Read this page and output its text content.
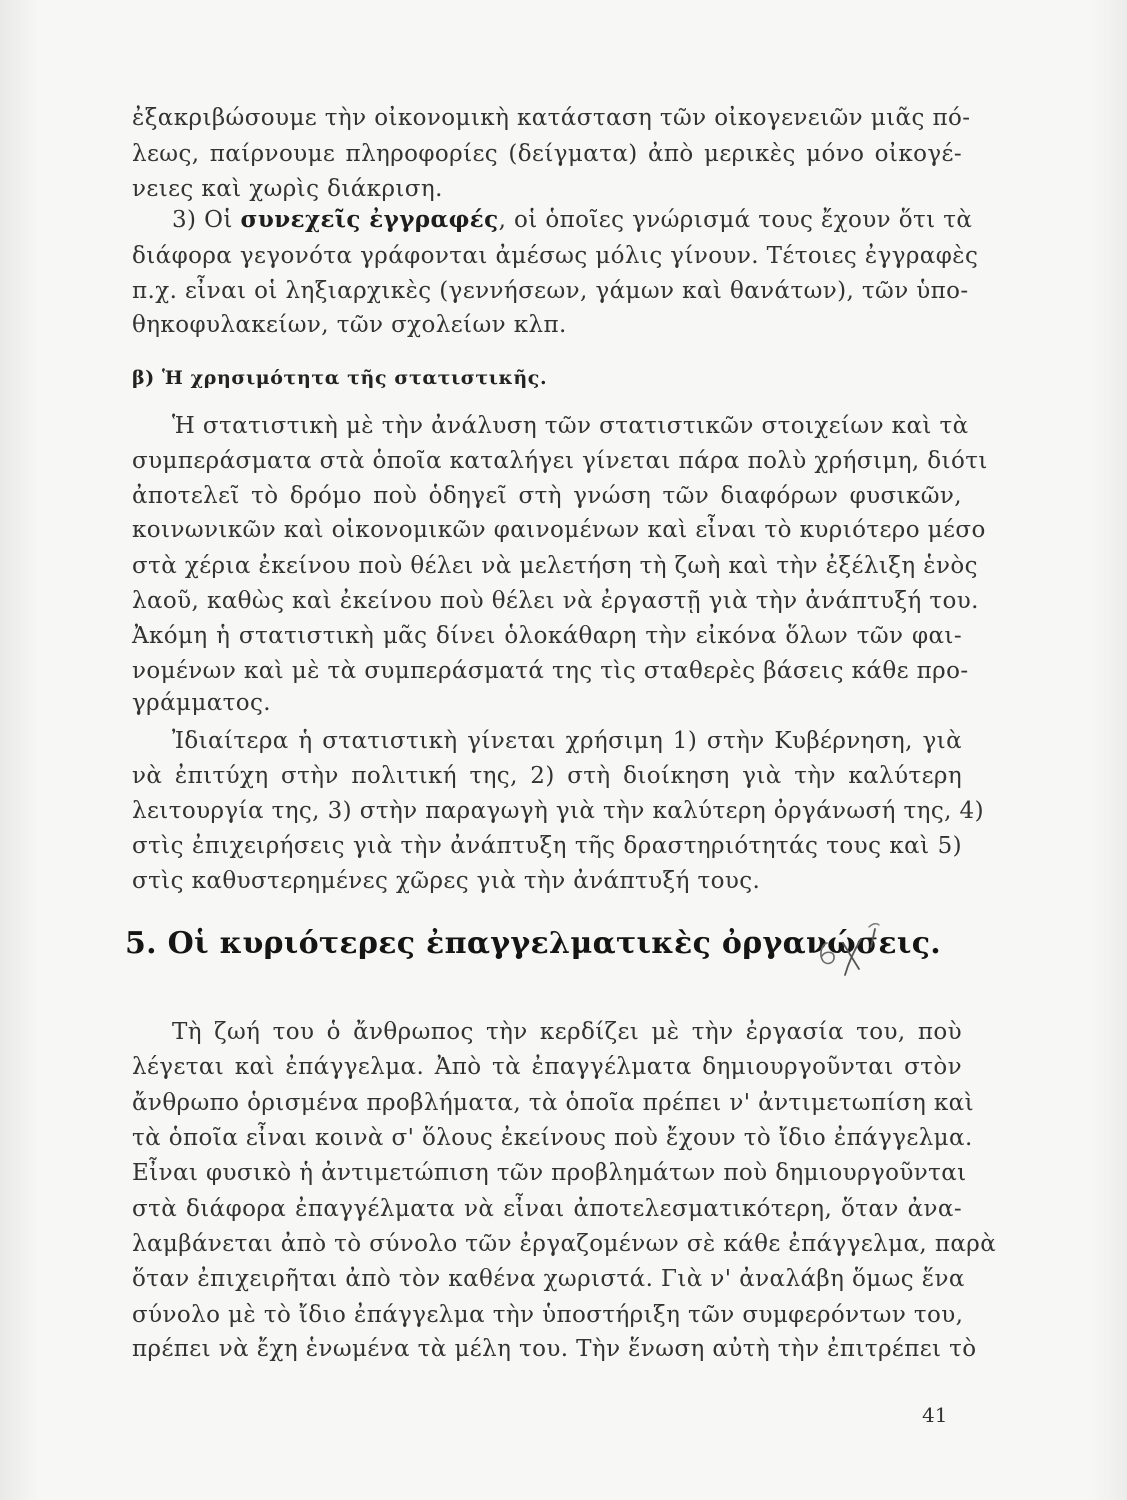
ἐξακριβώσουμε τὴν οἰκονομικὴ κατάσταση τῶν οἰκογενειῶν μιᾶς πό-
λεως, παίρνουμε πληροφορίες (δείγματα) ἀπὸ μερικὲς μόνο οἰκογέ-
νειες καὶ χωρὶς διάκριση.
3) Οἱ συνεχεῖς ἐγγραφές, οἱ ὁποῖες γνώρισμά τους ἔχουν ὅτι τὰ
διάφορα γεγονότα γράφονται ἀμέσως μόλις γίνουν. Τέτοιες ἐγγραφὲς
π.χ. εἶναι οἱ ληξιαρχικὲς (γεννήσεων, γάμων καὶ θανάτων), τῶν ὑπο-
θηκοφυλακείων, τῶν σχολείων κλπ.
β) Ἡ χρησιμότητα τῆς στατιστικῆς.
Ἡ στατιστικὴ μὲ τὴν ἀνάλυση τῶν στατιστικῶν στοιχείων καὶ τὰ
συμπεράσματα στὰ ὁποῖα καταλήγει γίνεται πάρα πολὺ χρήσιμη, διότι
ἀποτελεῖ τὸ δρόμο ποὺ ὁδηγεῖ στὴ γνώση τῶν διαφόρων φυσικῶν,
κοινωνικῶν καὶ οἰκονομικῶν φαινομένων καὶ εἶναι τὸ κυριότερο μέσο
στὰ χέρια ἐκείνου ποὺ θέλει νὰ μελετήση τὴ ζωὴ καὶ τὴν ἐξέλιξη ἑνὸς
λαοῦ, καθὼς καὶ ἐκείνου ποὺ θέλει νὰ ἐργαστῇ γιὰ τὴν ἀνάπτυξή του.
Ἀκόμη ἡ στατιστικὴ μᾶς δίνει ὁλοκάθαρη τὴν εἰκόνα ὅλων τῶν φαι-
νομένων καὶ μὲ τὰ συμπεράσματά της τὶς σταθερὲς βάσεις κάθε προ-
γράμματος.
Ἰδιαίτερα ἡ στατιστικὴ γίνεται χρήσιμη 1) στὴν Κυβέρνηση, γιὰ
νὰ ἐπιτύχη στὴν πολιτική της, 2) στὴ διοίκηση γιὰ τὴν καλύτερη
λειτουργία της, 3) στὴν παραγωγὴ γιὰ τὴν καλύτερη ὀργάνωσή της, 4)
στὶς ἐπιχειρήσεις γιὰ τὴν ἀνάπτυξη τῆς δραστηριότητάς τους καὶ 5)
στὶς καθυστερημένες χῶρες γιὰ τὴν ἀνάπτυξή τους.
5. Οἱ κυριότερες ἐπαγγελματικὲς ὀργανώσεις.
Τὴ ζωή του ὁ ἄνθρωπος τὴν κερδίζει μὲ τὴν ἐργασία του, ποὺ
λέγεται καὶ ἐπάγγελμα. Ἀπὸ τὰ ἐπαγγέλματα δημιουργοῦνται στὸν
ἄνθρωπο ὁρισμένα προβλήματα, τὰ ὁποῖα πρέπει ν' ἀντιμετωπίση καὶ
τὰ ὁποῖα εἶναι κοινὰ σ' ὅλους ἐκείνους ποὺ ἔχουν τὸ ἴδιο ἐπάγγελμα.
Εἶναι φυσικὸ ἡ ἀντιμετώπιση τῶν προβλημάτων ποὺ δημιουργοῦνται
στὰ διάφορα ἐπαγγέλματα νὰ εἶναι ἀποτελεσματικότερη, ὅταν ἀνα-
λαμβάνεται ἀπὸ τὸ σύνολο τῶν ἐργαζομένων σὲ κάθε ἐπάγγελμα, παρὰ
ὅταν ἐπιχειρῆται ἀπὸ τὸν καθένα χωριστά. Γιὰ ν' ἀναλάβη ὅμως ἕνα
σύνολο μὲ τὸ ἴδιο ἐπάγγελμα τὴν ὑποστήριξη τῶν συμφερόντων του,
πρέπει νὰ ἔχη ἑνωμένα τὰ μέλη του. Τὴν ἕνωση αὐτὴ τὴν ἐπιτρέπει τὸ
41
